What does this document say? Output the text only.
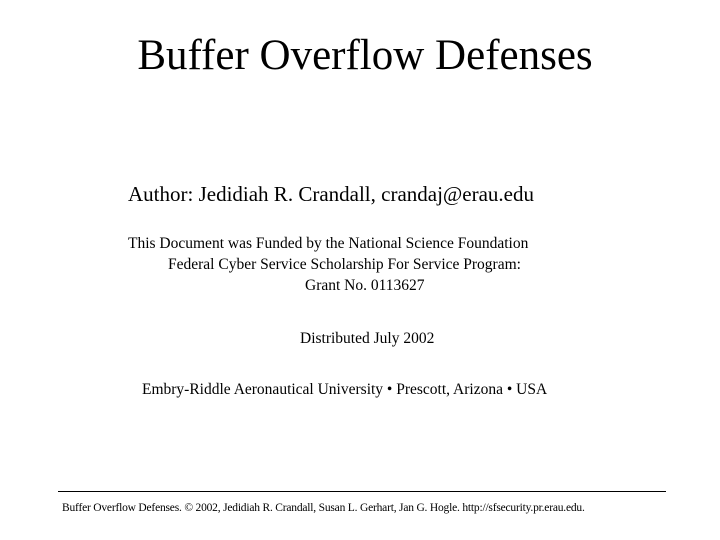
Buffer Overflow Defenses
Author: Jedidiah R. Crandall, crandaj@erau.edu
This Document was Funded by the National Science Foundation
Federal Cyber Service Scholarship For Service Program:
Grant No. 0113627
Distributed July 2002
Embry-Riddle Aeronautical University • Prescott, Arizona • USA
Buffer Overflow Defenses. © 2002, Jedidiah R. Crandall, Susan L. Gerhart, Jan G. Hogle. http://sfsecurity.pr.erau.edu.
